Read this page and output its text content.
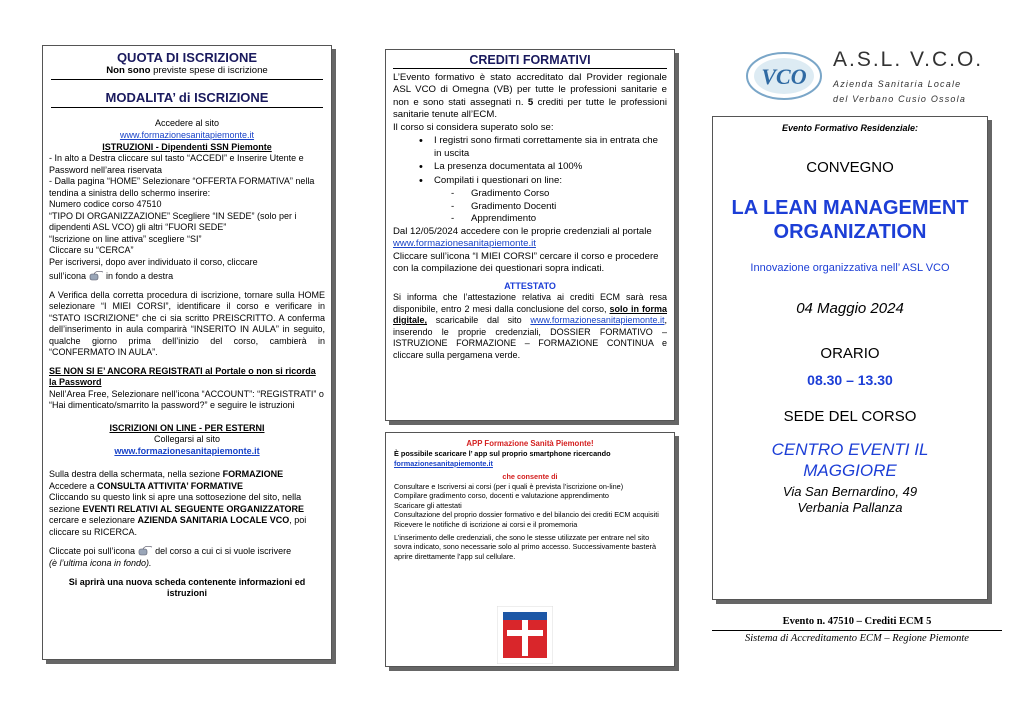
QUOTA DI ISCRIZIONE
Non sono previste spese di iscrizione
MODALITA’ di ISCRIZIONE
Accedere al sito
www.formazionesanitapiemonte.it
ISTRUZIONI - Dipendenti SSN Piemonte
- In alto a Destra cliccare sul tasto “ACCEDI” e Inserire Utente e Password nell’area riservata
- Dalla pagina “HOME” Selezionare “OFFERTA FORMATIVA” nella tendina a sinistra dello schermo inserire:
Numero codice corso 47510
“TIPO DI ORGANIZZAZIONE” Scegliere “IN SEDE” (solo per i dipendenti ASL VCO) gli altri “FUORI SEDE”
“Iscrizione on line attiva” scegliere “SI”
Cliccare su “CERCA”
Per iscriversi, dopo aver individuato il corso, cliccare
sull’icona  in fondo a destra
A Verifica della corretta procedura di iscrizione, tornare sulla HOME selezionare “I MIEI CORSI”, identificare il corso e verificare in “STATO ISCRIZIONE” che ci sia scritto PREISCRITTO. A conferma dell’inserimento in aula comparirà “INSERITO IN AULA” in seguito, qualche giorno prima dell’inizio del corso, cambierà in “CONFERMATO IN AULA”.
SE NON SI E’ ANCORA REGISTRATI al Portale o non si ricorda la Password
Nell’Area Free, Selezionare nell’icona “ACCOUNT”: “REGISTRATI” o “Hai dimenticato/smarrito la password?” e seguire le istruzioni
ISCRIZIONI ON LINE - PER ESTERNI
Collegarsi al sito
www.formazionesanitapiemonte.it
Sulla destra della schermata, nella sezione FORMAZIONE
Accedere a CONSULTA ATTIVITA’ FORMATIVE
Cliccando su questo link si apre una sottosezione del sito, nella sezione EVENTI RELATIVI AL SEGUENTE ORGANIZZATORE cercare e selezionare AZIENDA SANITARIA LOCALE VCO, poi cliccare su RICERCA.
Cliccate poi sull’icona  del corso a cui ci si vuole iscrivere
(è l’ultima icona in fondo).
Si aprirà una nuova scheda contenente informazioni ed istruzioni
CREDITI FORMATIVI
L’Evento formativo è stato accreditato dal Provider regionale ASL VCO di Omegna (VB) per tutte le professioni sanitarie e non e sono stati assegnati n. 5 crediti per tutte le professioni sanitarie tenute all’ECM.
Il corso si considera superato solo se:
• I registri sono firmati correttamente sia in entrata che in uscita
• La presenza documentata al 100%
• Compilati i questionari on line:
- Gradimento Corso
- Gradimento Docenti
- Apprendimento
Dal 12/05/2024 accedere con le proprie credenziali al portale www.formazionesanitapiemonte.it
Cliccare sull’icona “I MIEI CORSI” cercare il corso e procedere con la compilazione dei questionari sopra indicati.
ATTESTATO
Si informa che l’attestazione relativa ai crediti ECM sarà resa disponibile, entro 2 mesi dalla conclusione del corso, solo in forma digitale, scaricabile dal sito www.formazionesanitapiemonte.it, inserendo le proprie credenziali, DOSSIER FORMATIVO – ISTRUZIONE FORMAZIONE – FORMAZIONE CONTINUA e cliccare sulla pergamena verde.
APP Formazione Sanità Piemonte!
È possibile scaricare l’ app sul proprio smartphone ricercando
formazionesanitapiemonte.it
che consente di
Consultare e Iscriversi ai corsi (per i quali è prevista l’iscrizione on-line)
Compilare gradimento corso, docenti e valutazione apprendimento
Scaricare gli attestati
Consultazione del proprio dossier formativo e del bilancio dei crediti ECM acquisiti
Ricevere le notifiche di iscrizione ai corsi e il promemoria
L’inserimento delle credenziali, che sono le stesse utilizzate per entrare nel sito sovra indicato, sono necessarie solo al primo accesso. Successivamente basterà aprire direttamente l’app sul cellulare.
VCO
A.S.L. V.C.O.
Azienda Sanitaria Locale
del Verbano Cusio Ossola
Evento Formativo Residenziale:
CONVEGNO
LA LEAN MANAGEMENT
ORGANIZATION
Innovazione organizzativa nell’ ASL VCO
04 Maggio 2024
ORARIO
08.30 – 13.30
SEDE DEL CORSO
CENTRO EVENTI IL
MAGGIORE
Via San Bernardino, 49
Verbania Pallanza
Evento n. 47510 – Crediti ECM 5
Sistema di Accreditamento ECM – Regione Piemonte
